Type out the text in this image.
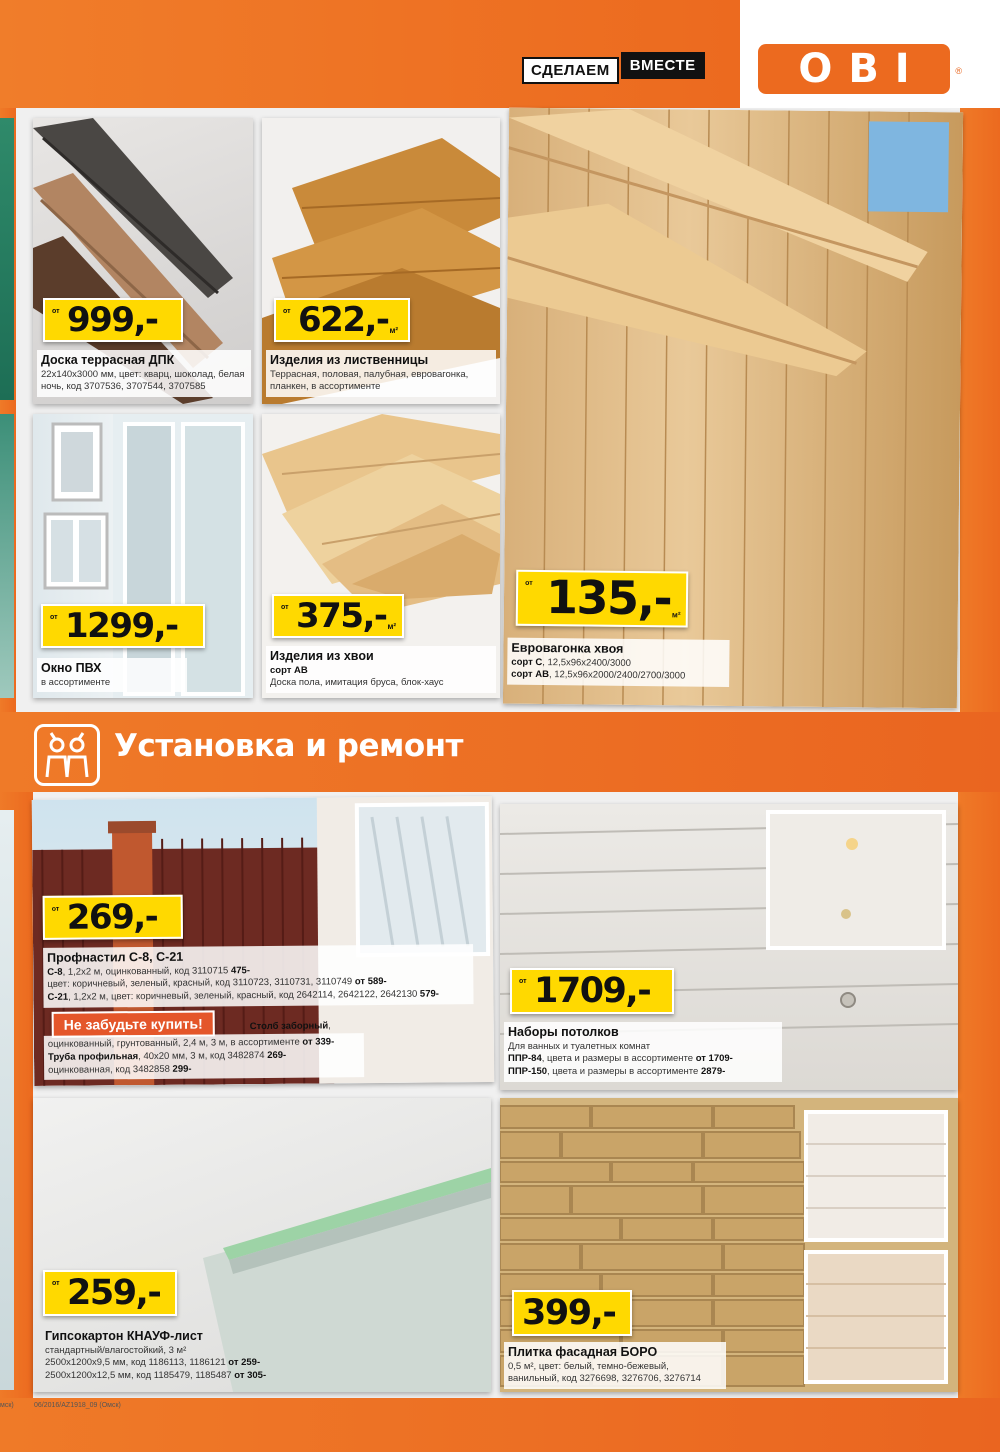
СДЕЛАЕМ	ВМЕСТЕ	OBI	®
от 999,-
Доска террасная ДПК
22х140х3000 мм, цвет: кварц, шоколад, белая ночь, код 3707536, 3707544, 3707585
от 622,- м²
Изделия из лиственницы
Террасная, половая, палубная, евровагонка, планкен, в ассортименте
от 135,- м²
Евровагонка хвоя
сорт С, 12,5х96х2400/3000
сорт АВ, 12,5х96х2000/2400/2700/3000
от 1299,-
Окно ПВХ
в ассортименте
от 375,- м²
Изделия из хвои
сорт АВ
Доска пола, имитация бруса, блок-хаус
Установка и ремонт
от 269,-
Профнастил С-8, С-21
С-8, 1,2х2 м, оцинкованный, код 3110715 475-
цвет: коричневый, зеленый, красный, код 3110723, 3110731, 3110749 от 589-
С-21, 1,2х2 м, цвет: коричневый, зеленый, красный, код 2642114, 2642122, 2642130 579-
Не забудьте купить!	Столб заборный,
оцинкованный, грунтованный, 2,4 м, 3 м, в ассортименте от 339-
Труба профильная, 40х20 мм, 3 м, код 3482874 269-
оцинкованная, код 3482858 299-
от 1709,-
Наборы потолков
Для ванных и туалетных комнат
ППР-84, цвета и размеры в ассортименте от 1709-
ППР-150, цвета и размеры в ассортименте 2879-
от 259,-
Гипсокартон КНАУФ-лист
стандартный/влагостойкий, 3 м²
2500х1200х9,5 мм, код 1186113, 1186121 от 259-
2500х1200х12,5 мм, код 1185479, 1185487 от 305-
399,-
Плитка фасадная БОРО
0,5 м², цвет: белый, темно-бежевый, ванильный, код 3276698, 3276706, 3276714
мск)	06/2016/AZ1918_09 (Омск)
